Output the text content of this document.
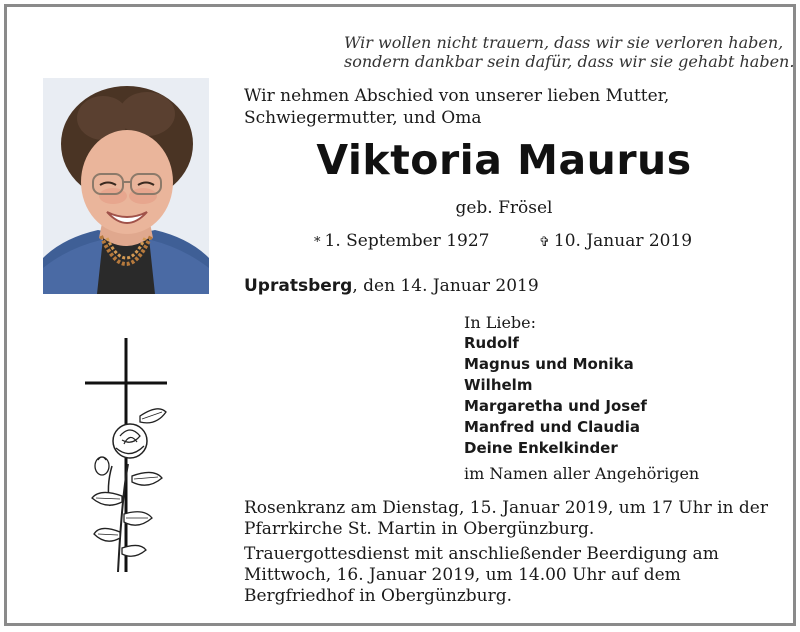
Wir wollen nicht trauern, dass wir sie verloren haben,
sondern dankbar sein dafür, dass wir sie gehabt haben.
Wir nehmen Abschied von unserer lieben Mutter, Schwiegermutter, und Oma
Viktoria Maurus
geb. Frösel
* 1. September 1927	✞ 10. Januar 2019
Upratsberg, den 14. Januar 2019
In Liebe:
Rudolf
Magnus und Monika
Wilhelm
Margaretha und Josef
Manfred und Claudia
Deine Enkelkinder
im Namen aller Angehörigen

Rosenkranz am Dienstag, 15. Januar 2019, um 17 Uhr in der Pfarrkirche St. Martin in Obergünzburg.

Trauergottesdienst mit anschließender Beerdigung am Mittwoch, 16. Januar 2019, um 14.00 Uhr auf dem Bergfriedhof in Obergünzburg.
